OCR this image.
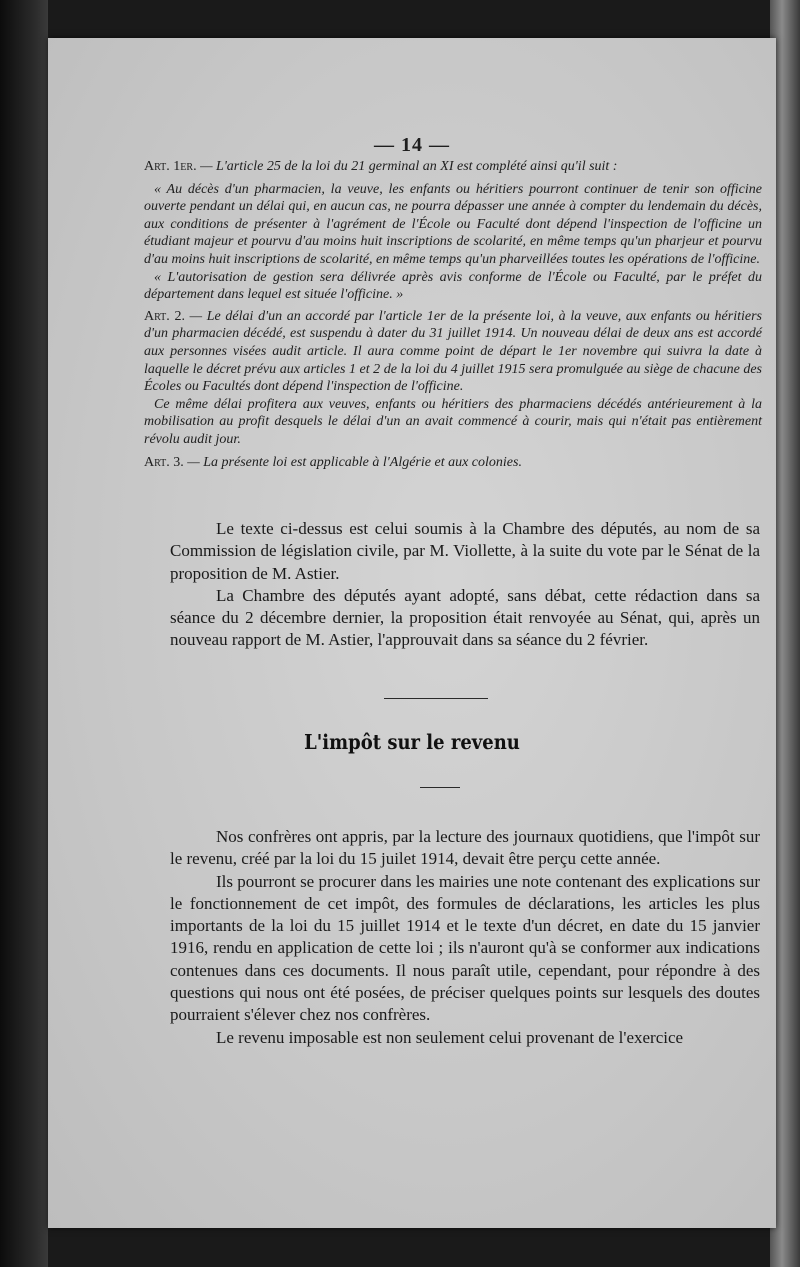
— 14 —

Art. 1er. — L'article 25 de la loi du 21 germinal an XI est complété ainsi qu'il suit :

« Au décès d'un pharmacien, la veuve, les enfants ou héritiers pourront continuer de tenir son officine ouverte pendant un délai qui, en aucun cas, ne pourra dépasser une année à compter du lendemain du décès, aux conditions de présenter à l'agrément de l'École ou Faculté dont dépend l'inspection de l'officine un étudiant majeur et pourvu d'au moins huit inscriptions de scolarité, en même temps qu'un pharjeur et pourvu d'au moins huit inscriptions de scolarité, en même temps qu'un pharveillées toutes les opérations de l'officine.

« L'autorisation de gestion sera délivrée après avis conforme de l'École ou Faculté, par le préfet du département dans lequel est située l'officine. »

Art. 2. — Le délai d'un an accordé par l'article 1er de la présente loi, à la veuve, aux enfants ou héritiers d'un pharmacien décédé, est suspendu à dater du 31 juillet 1914. Un nouveau délai de deux ans est accordé aux personnes visées audit article. Il aura comme point de départ le 1er novembre qui suivra la date à laquelle le décret prévu aux articles 1 et 2 de la loi du 4 juillet 1915 sera promulguée au siège de chacune des Écoles ou Facultés dont dépend l'inspection de l'officine.

Ce même délai profitera aux veuves, enfants ou héritiers des pharmaciens décédés antérieurement à la mobilisation au profit desquels le délai d'un an avait commencé à courir, mais qui n'était pas entièrement révolu audit jour.

Art. 3. — La présente loi est applicable à l'Algérie et aux colonies.

Le texte ci-dessus est celui soumis à la Chambre des députés, au nom de sa Commission de législation civile, par M. Viollette, à la suite du vote par le Sénat de la proposition de M. Astier.

La Chambre des députés ayant adopté, sans débat, cette rédaction dans sa séance du 2 décembre dernier, la proposition était renvoyée au Sénat, qui, après un nouveau rapport de M. Astier, l'approuvait dans sa séance du 2 février.

L'impôt sur le revenu

Nos confrères ont appris, par la lecture des journaux quotidiens, que l'impôt sur le revenu, créé par la loi du 15 juilet 1914, devait être perçu cette année.

Ils pourront se procurer dans les mairies une note contenant des explications sur le fonctionnement de cet impôt, des formules de déclarations, les articles les plus importants de la loi du 15 juillet 1914 et le texte d'un décret, en date du 15 janvier 1916, rendu en application de cette loi ; ils n'auront qu'à se conformer aux indications contenues dans ces documents. Il nous paraît utile, cependant, pour répondre à des questions qui nous ont été posées, de préciser quelques points sur lesquels des doutes pourraient s'élever chez nos confrères.

Le revenu imposable est non seulement celui provenant de l'exercice
